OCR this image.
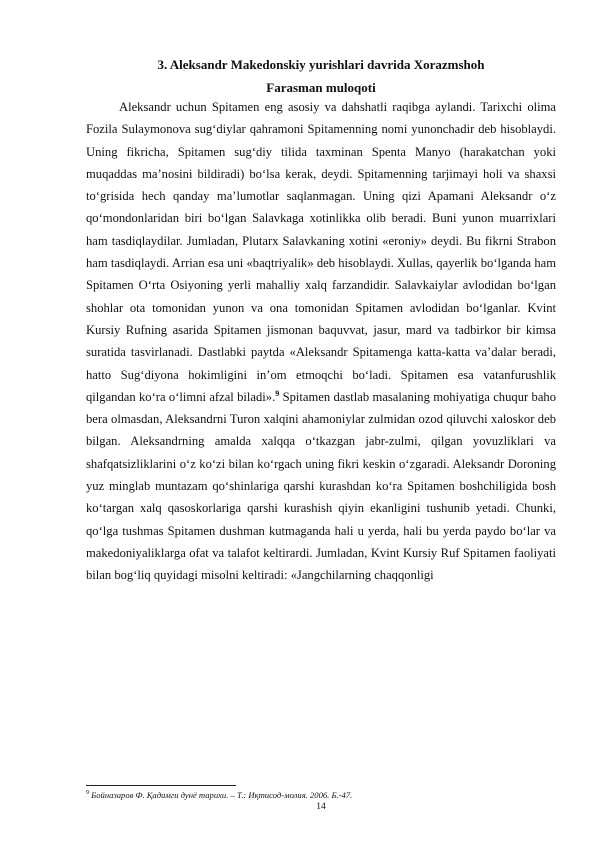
3. Aleksandr Makedonskiy yurishlari davrida Xorazmshoh
Farasman muloqoti

Aleksandr uchun Spitamen eng asosiy va dahshatli raqibga aylandi. Tarixchi olima Fozila Sulaymonova sug‘diylar qahramoni Spitamenning nomi yunonchadir deb hisoblaydi. Uning fikricha, Spitamen sug‘diy tilida taxminan Spenta Manyo (harakatchan yoki muqaddas ma’nosini bildiradi) bo‘lsa kerak, deydi. Spitamenning tarjimayi holi va shaxsi to‘grisida hech qanday ma’lumotlar saqlanmagan. Uning qizi Apamani Aleksandr o‘z qo‘mondonlaridan biri bo‘lgan Salavkaga xotinlikka olib beradi. Buni yunon muarrixlari ham tasdiqlaydilar. Jumladan, Plutarx Salavkaning xotini «eroniy» deydi. Bu fikrni Strabon ham tasdiqlaydi. Arrian esa uni «baqtriyalik» deb hisoblaydi. Xullas, qayerlik bo‘lganda ham Spitamen O‘rta Osiyoning yerli mahalliy xalq farzandidir. Salavkaiylar avlodidan bo‘lgan shohlar ota tomonidan yunon va ona tomonidan Spitamen avlodidan bo‘lganlar. Kvint Kursiy Rufning asarida Spitamen jismonan baquvvat, jasur, mard va tadbirkor bir kimsa suratida tasvirlanadi. Dastlabki paytda «Aleksandr Spitamenga katta-katta va’dalar beradi, hatto Sug‘diyona hokimligini in’om etmoqchi bo‘ladi. Spitamen esa vatanfurushlik qilgandan ko‘ra o‘limni afzal biladi».$^9$ Spitamen dastlab masalaning mohiyatiga chuqur baho bera olmasdan, Aleksandrni Turon xalqini ahamoniylar zulmidan ozod qiluvchi xaloskor deb bilgan. Aleksandrning amalda xalqqa o‘tkazgan jabr-zulmi, qilgan yovuzliklari va shafqatsizliklarini o‘z ko‘zi bilan ko‘rgach uning fikri keskin o‘zgaradi. Aleksandr Doroning yuz minglab muntazam qo‘shinlariga qarshi kurashdan ko‘ra Spitamen boshchiligida bosh ko‘targan xalq qasoskorlariga qarshi kurashish qiyin ekanligini tushunib yetadi. Chunki, qo‘lga tushmas Spitamen dushman kutmaganda hali u yerda, hali bu yerda paydo bo‘lar va makedoniyaliklarga ofat va talafot keltirardi. Jumladan, Kvint Kursiy Ruf Spitamen faoliyati bilan bog‘liq quyidagi misolni keltiradi: «Jangchilarning chaqqonligi

$^9$ Бойназаров Ф. Қадимги дунё тарихи. – Т.: Иқтисод-молия. 2006. Б.-47.
14
